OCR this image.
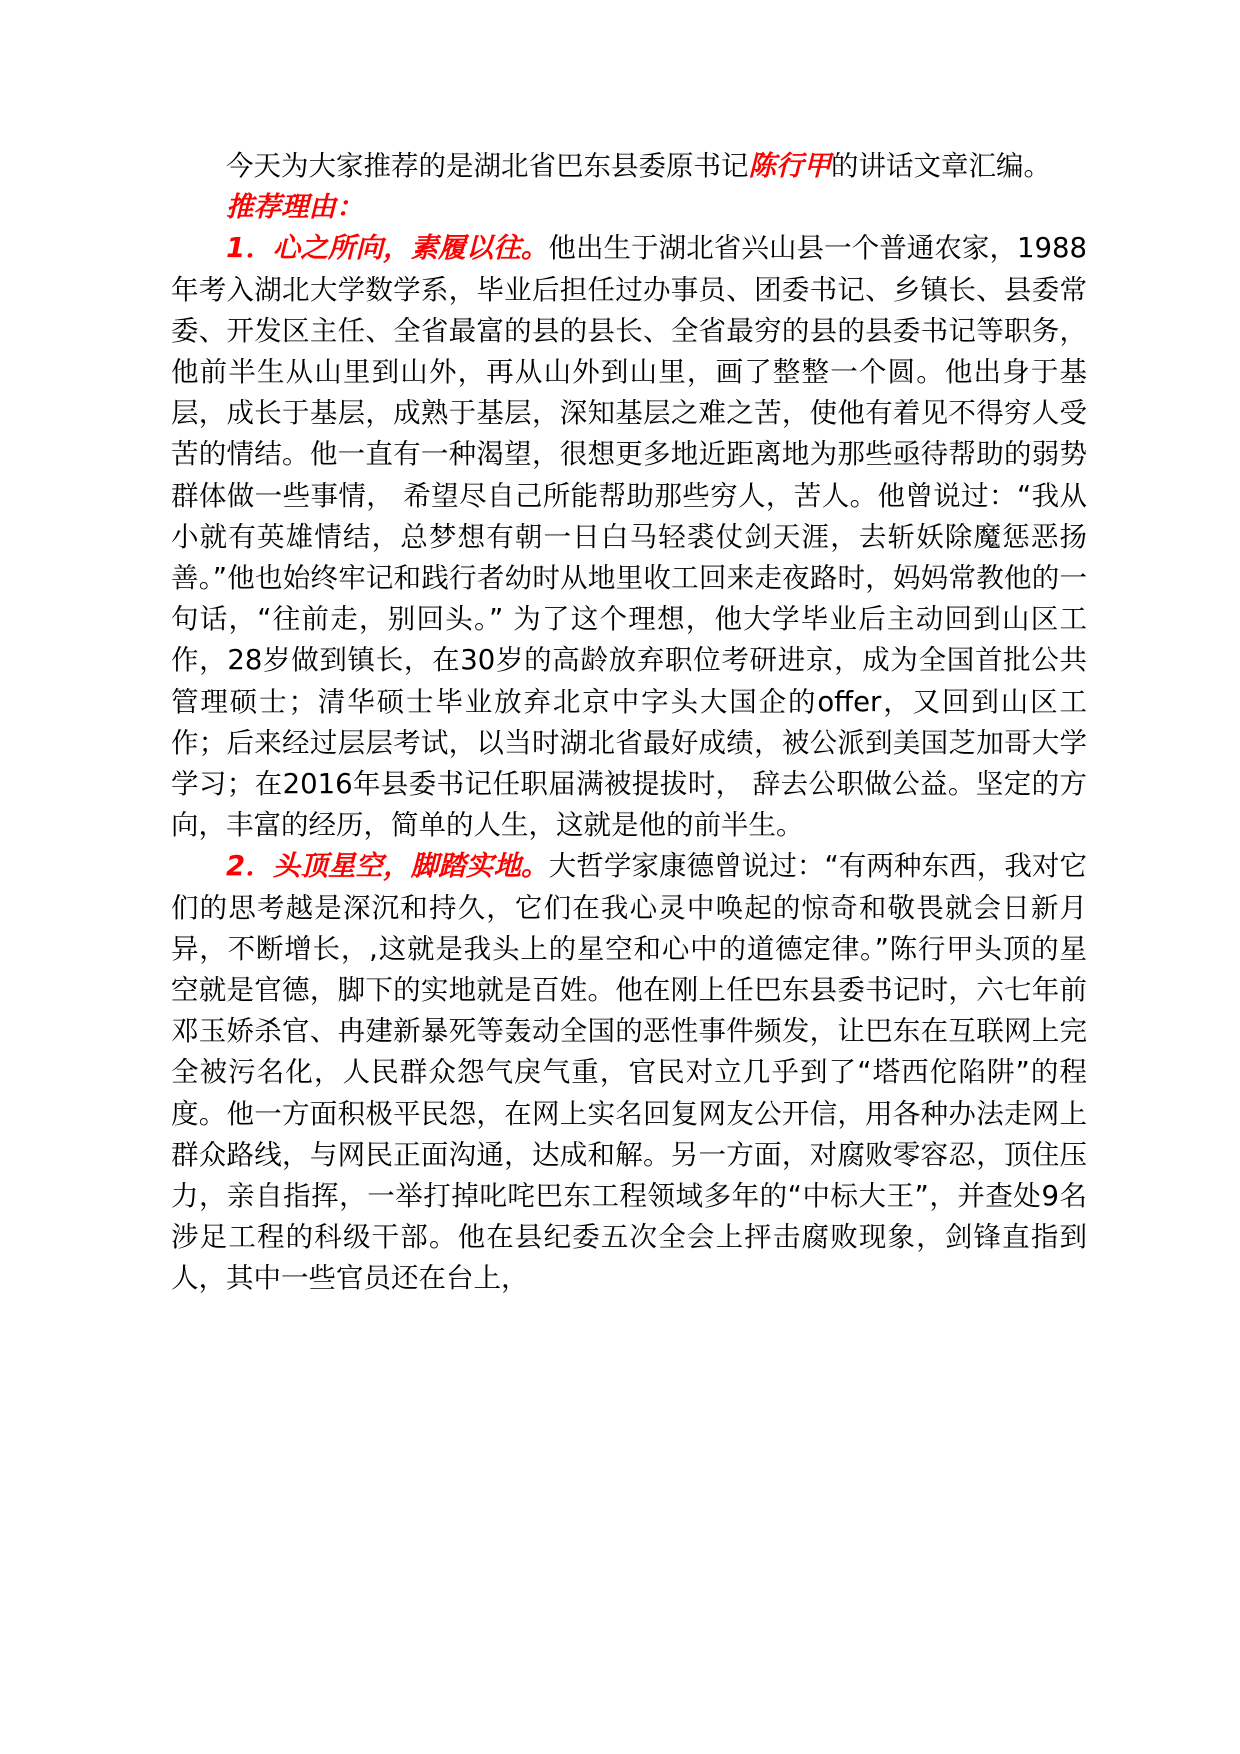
今天为大家推荐的是湖北省巴东县委原书记陈行甲的讲话文章汇编。

推荐理由：

1．心之所向，素履以往。他出生于湖北省兴山县一个普通农家，1988年考入湖北大学数学系，毕业后担任过办事员、团委书记、乡镇长、县委常委、开发区主任、全省最富的县的县长、全省最穷的县的县委书记等职务，他前半生从山里到山外，再从山外到山里，画了整整一个圆。他出身于基层，成长于基层，成熟于基层，深知基层之难之苦，使他有着见不得穷人受苦的情结。他一直有一种渴望，很想更多地近距离地为那些亟待帮助的弱势群体做一些事情， 希望尽自己所能帮助那些穷人，苦人。他曾说过：“我从小就有英雄情结，总梦想有朝一日白马轻裘仗剑天涯，去斩妖除魔惩恶扬善。”他也始终牢记和践行者幼时从地里收工回来走夜路时，妈妈常教他的一句话，“往前走，别回头。” 为了这个理想，他大学毕业后主动回到山区工作，28岁做到镇长，在30岁的高龄放弃职位考研进京，成为全国首批公共管理硕士；清华硕士毕业放弃北京中字头大国企的offer，又回到山区工作；后来经过层层考试，以当时湖北省最好成绩，被公派到美国芝加哥大学学习；在2016年县委书记任职届满被提拔时， 辞去公职做公益。坚定的方向，丰富的经历，简单的人生，这就是他的前半生。

2．头顶星空，脚踏实地。大哲学家康德曾说过：“有两种东西，我对它们的思考越是深沉和持久，它们在我心灵中唤起的惊奇和敬畏就会日新月异，不断增长，,这就是我头上的星空和心中的道德定律。”陈行甲头顶的星空就是官德，脚下的实地就是百姓。他在刚上任巴东县委书记时，六七年前邓玉娇杀官、冉建新暴死等轰动全国的恶性事件频发，让巴东在互联网上完全被污名化，人民群众怨气戾气重，官民对立几乎到了“塔西佗陷阱”的程度。他一方面积极平民怨，在网上实名回复网友公开信，用各种办法走网上群众路线，与网民正面沟通，达成和解。另一方面，对腐败零容忍，顶住压力，亲自指挥，一举打掉叱咤巴东工程领域多年的“中标大王”，并查处9名涉足工程的科级干部。他在县纪委五次全会上抨击腐败现象，剑锋直指到人，其中一些官员还在台上，
